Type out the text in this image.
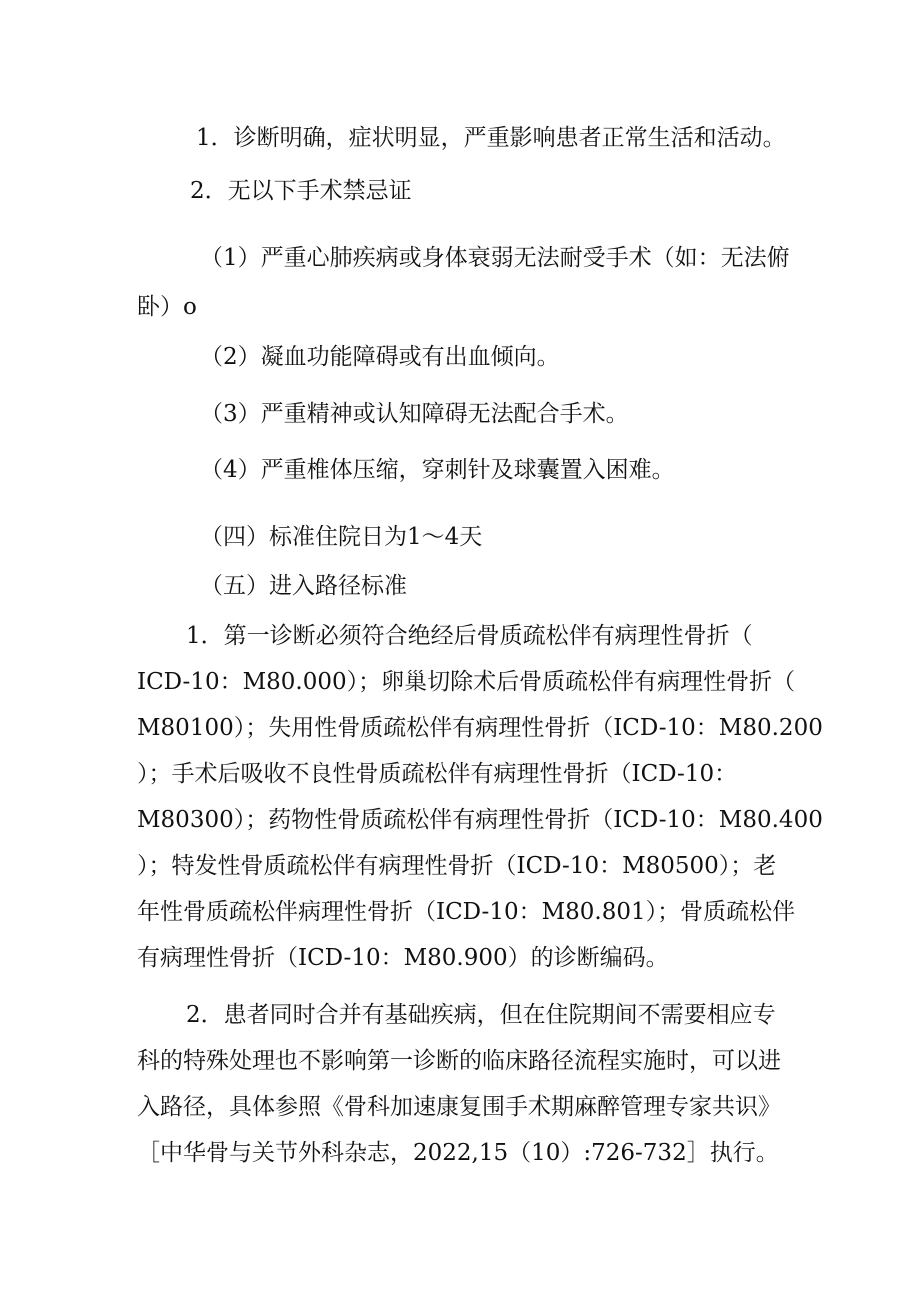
1．诊断明确，症状明显，严重影响患者正常生活和活动。
2．无以下手术禁忌证
（1）严重心肺疾病或身体衰弱无法耐受手术（如：无法俯
卧）o
（2）凝血功能障碍或有出血倾向。
（3）严重精神或认知障碍无法配合手术。
（4）严重椎体压缩，穿刺针及球囊置入困难。
（四）标准住院日为1～4天
（五）进入路径标准
1．第一诊断必须符合绝经后骨质疏松伴有病理性骨折（
ICD-10：M80.000）；卵巢切除术后骨质疏松伴有病理性骨折（
M80100）；失用性骨质疏松伴有病理性骨折（ICD-10：M80.200
）；手术后吸收不良性骨质疏松伴有病理性骨折（ICD-10：
M80300）；药物性骨质疏松伴有病理性骨折（ICD-10：M80.400
）；特发性骨质疏松伴有病理性骨折（ICD-10：M80500）；老
年性骨质疏松伴病理性骨折（ICD-10：M80.801）；骨质疏松伴
有病理性骨折（ICD-10：M80.900）的诊断编码。
2．患者同时合并有基础疾病，但在住院期间不需要相应专
科的特殊处理也不影响第一诊断的临床路径流程实施时，可以进
入路径，具体参照《骨科加速康复围手术期麻醉管理专家共识》
［中华骨与关节外科杂志，2022,15（10）:726-732］执行。
